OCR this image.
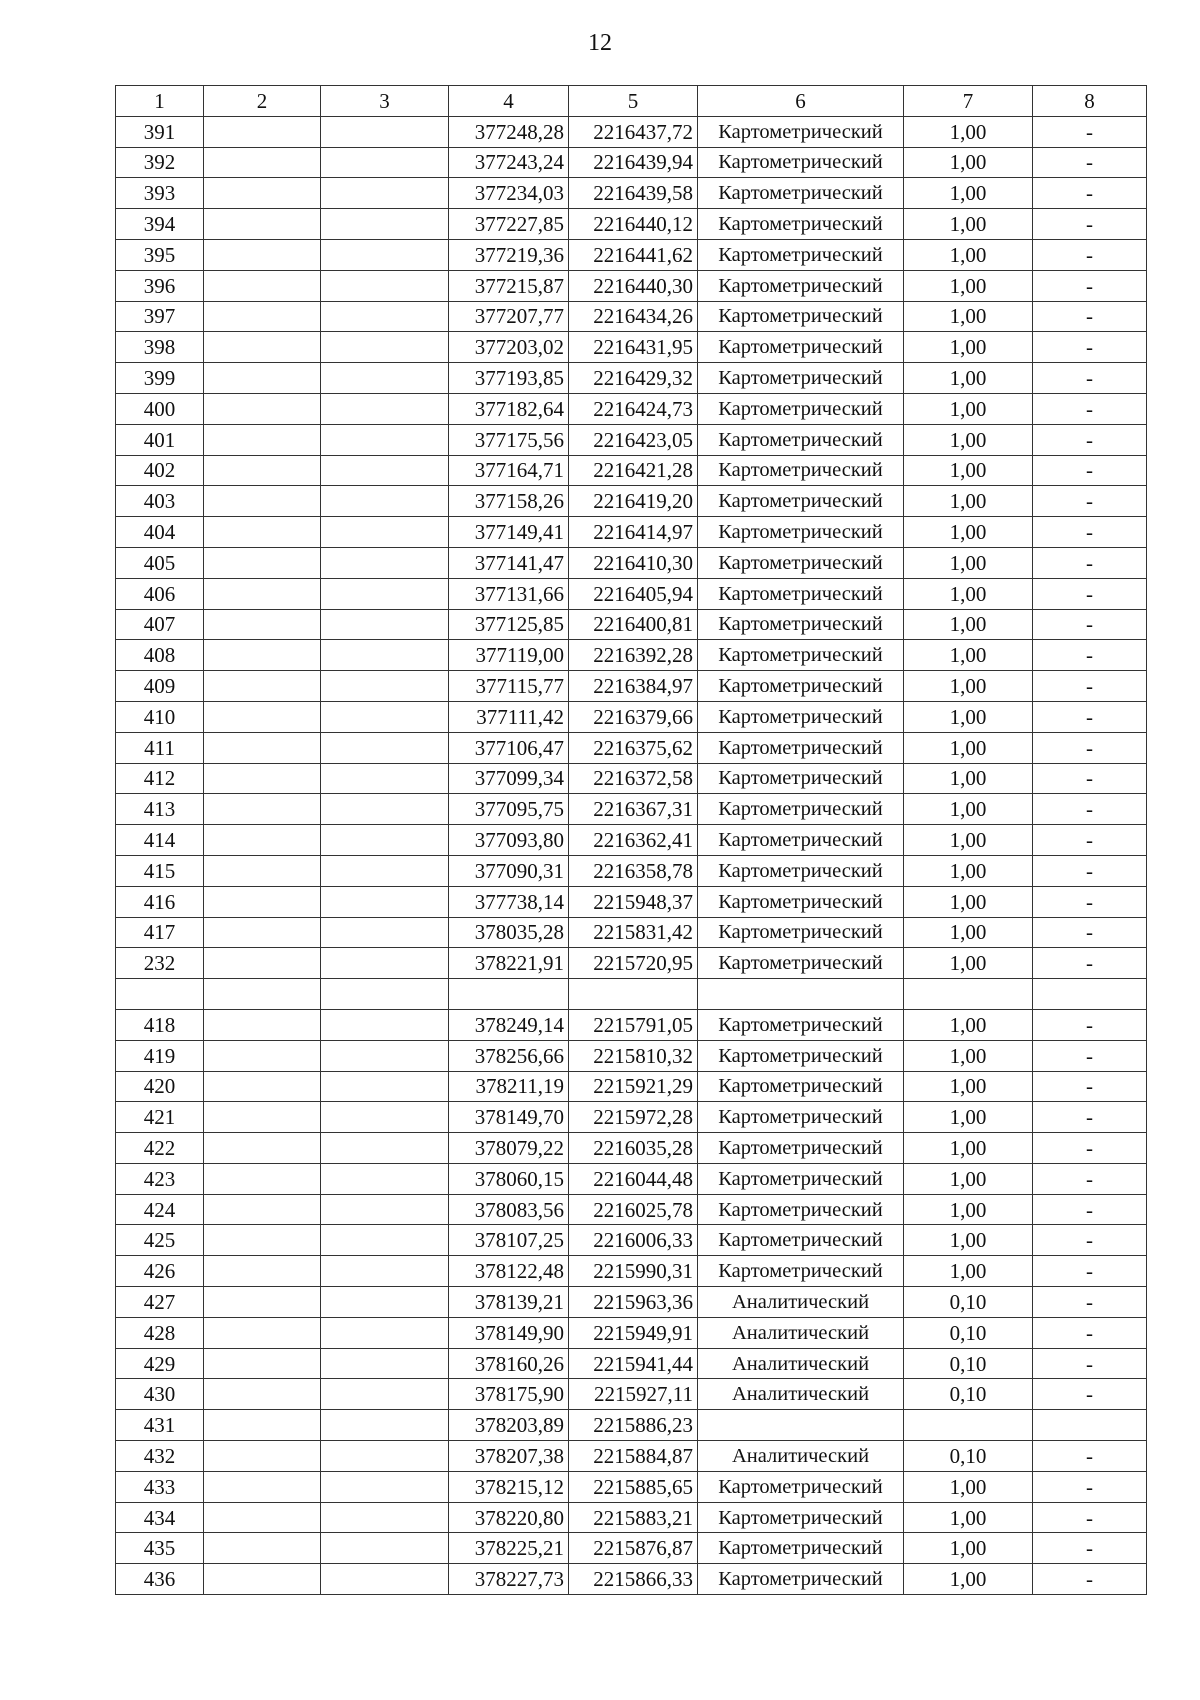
12
1	2	3	4	5	6	7	8
391			377248,28	2216437,72	Картометрический	1,00	-
392			377243,24	2216439,94	Картометрический	1,00	-
393			377234,03	2216439,58	Картометрический	1,00	-
394			377227,85	2216440,12	Картометрический	1,00	-
395			377219,36	2216441,62	Картометрический	1,00	-
396			377215,87	2216440,30	Картометрический	1,00	-
397			377207,77	2216434,26	Картометрический	1,00	-
398			377203,02	2216431,95	Картометрический	1,00	-
399			377193,85	2216429,32	Картометрический	1,00	-
400			377182,64	2216424,73	Картометрический	1,00	-
401			377175,56	2216423,05	Картометрический	1,00	-
402			377164,71	2216421,28	Картометрический	1,00	-
403			377158,26	2216419,20	Картометрический	1,00	-
404			377149,41	2216414,97	Картометрический	1,00	-
405			377141,47	2216410,30	Картометрический	1,00	-
406			377131,66	2216405,94	Картометрический	1,00	-
407			377125,85	2216400,81	Картометрический	1,00	-
408			377119,00	2216392,28	Картометрический	1,00	-
409			377115,77	2216384,97	Картометрический	1,00	-
410			377111,42	2216379,66	Картометрический	1,00	-
411			377106,47	2216375,62	Картометрический	1,00	-
412			377099,34	2216372,58	Картометрический	1,00	-
413			377095,75	2216367,31	Картометрический	1,00	-
414			377093,80	2216362,41	Картометрический	1,00	-
415			377090,31	2216358,78	Картометрический	1,00	-
416			377738,14	2215948,37	Картометрический	1,00	-
417			378035,28	2215831,42	Картометрический	1,00	-
232			378221,91	2215720,95	Картометрический	1,00	-

418			378249,14	2215791,05	Картометрический	1,00	-
419			378256,66	2215810,32	Картометрический	1,00	-
420			378211,19	2215921,29	Картометрический	1,00	-
421			378149,70	2215972,28	Картометрический	1,00	-
422			378079,22	2216035,28	Картометрический	1,00	-
423			378060,15	2216044,48	Картометрический	1,00	-
424			378083,56	2216025,78	Картометрический	1,00	-
425			378107,25	2216006,33	Картометрический	1,00	-
426			378122,48	2215990,31	Картометрический	1,00	-
427			378139,21	2215963,36	Аналитический	0,10	-
428			378149,90	2215949,91	Аналитический	0,10	-
429			378160,26	2215941,44	Аналитический	0,10	-
430			378175,90	2215927,11	Аналитический	0,10	-
431			378203,89	2215886,23			
432			378207,38	2215884,87	Аналитический	0,10	-
433			378215,12	2215885,65	Картометрический	1,00	-
434			378220,80	2215883,21	Картометрический	1,00	-
435			378225,21	2215876,87	Картометрический	1,00	-
436			378227,73	2215866,33	Картометрический	1,00	-
